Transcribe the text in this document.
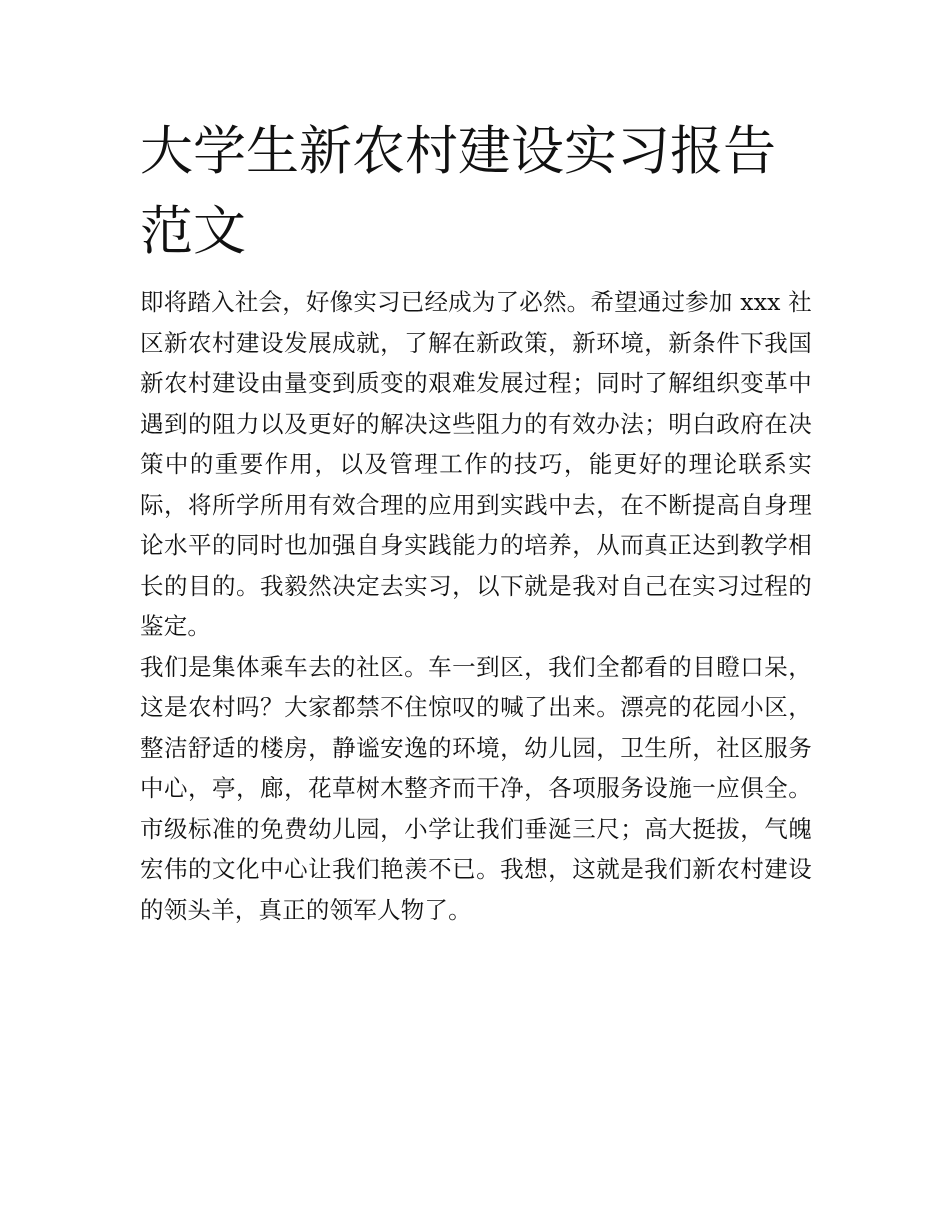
大学生新农村建设实习报告范文

即将踏入社会，好像实习已经成为了必然。希望通过参加 xxx 社区新农村建设发展成就，了解在新政策，新环境，新条件下我国新农村建设由量变到质变的艰难发展过程；同时了解组织变革中遇到的阻力以及更好的解决这些阻力的有效办法；明白政府在决策中的重要作用，以及管理工作的技巧，能更好的理论联系实际，将所学所用有效合理的应用到实践中去，在不断提高自身理论水平的同时也加强自身实践能力的培养，从而真正达到教学相长的目的。我毅然决定去实习，以下就是我对自己在实习过程的鉴定。

我们是集体乘车去的社区。车一到区，我们全都看的目瞪口呆，这是农村吗？大家都禁不住惊叹的喊了出来。漂亮的花园小区，整洁舒适的楼房，静谧安逸的环境，幼儿园，卫生所，社区服务中心，亭，廊，花草树木整齐而干净，各项服务设施一应俱全。市级标准的免费幼儿园，小学让我们垂涎三尺；高大挺拔，气魄宏伟的文化中心让我们艳羡不已。我想，这就是我们新农村建设的领头羊，真正的领军人物了。
